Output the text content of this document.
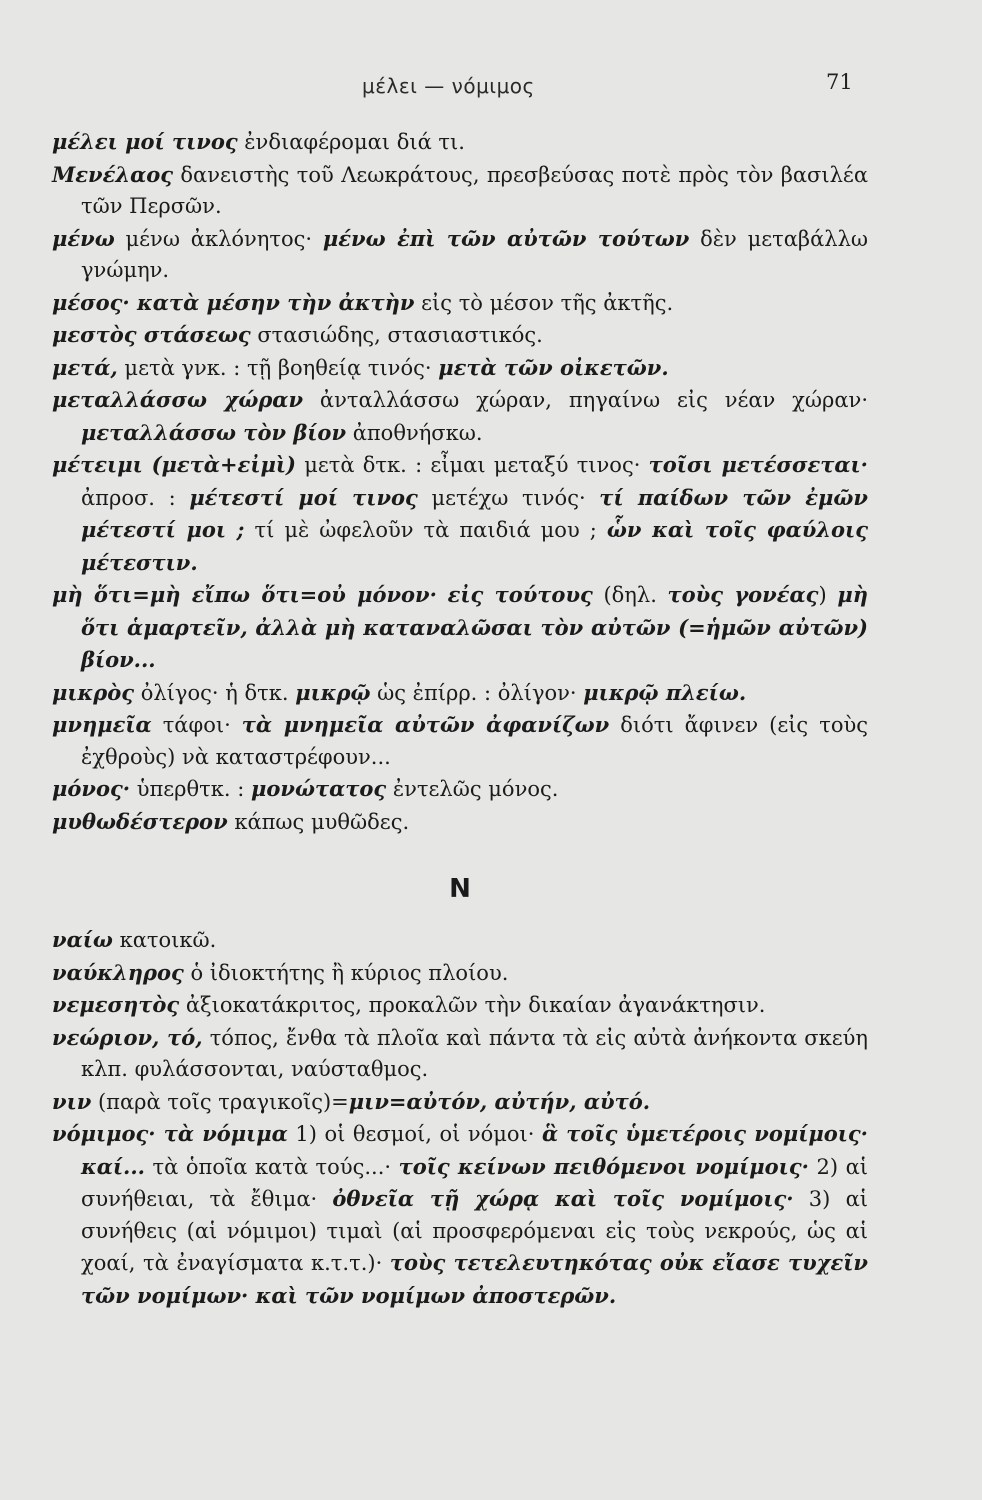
μέλει — νόμιμος	71

μέλει μοί τινος ἐνδιαφέρομαι διά τι.

Μενέλαος δανειστὴς τοῦ Λεωκράτους, πρεσβεύσας ποτὲ πρὸς τὸν βασιλέα τῶν Περσῶν.

μένω μένω ἀκλόνητος· μένω ἐπὶ τῶν αὐτῶν τούτων δὲν μεταβάλλω γνώμην.

μέσος· κατὰ μέσην τὴν ἀκτὴν εἰς τὸ μέσον τῆς ἀκτῆς.

μεστὸς στάσεως στασιώδης, στασιαστικός.

μετά, μετὰ γνκ. : τῇ βοηθείᾳ τινός· μετὰ τῶν οἰκετῶν.

μεταλλάσσω χώραν ἀνταλλάσσω χώραν, πηγαίνω εἰς νέαν χώραν· μεταλλάσσω τὸν βίον ἀποθνήσκω.

μέτειμι (μετὰ+εἰμὶ) μετὰ δτκ. : εἶμαι μεταξύ τινος· τοῖσι μετέσσεται· ἀπροσ. : μέτεστί μοί τινος μετέχω τινός· τί παίδων τῶν ἐμῶν μέτεστί μοι ; τί μὲ ὠφελοῦν τὰ παιδιά μου ; ὧν καὶ τοῖς φαύλοις μέτεστιν.

μὴ ὅτι=μὴ εἴπω ὅτι=οὐ μόνον· εἰς τούτους (δηλ. τοὺς γονέας) μὴ ὅτι ἁμαρτεῖν, ἀλλὰ μὴ καταναλῶσαι τὸν αὐτῶν (=ἡμῶν αὐτῶν) βίον...

μικρὸς ὀλίγος· ἡ δτκ. μικρῷ ὡς ἐπίρρ. : ὀλίγον· μικρῷ πλείω.

μνημεῖα τάφοι· τὰ μνημεῖα αὐτῶν ἀφανίζων διότι ἄφινεν (εἰς τοὺς ἐχθροὺς) νὰ καταστρέφουν...

μόνος· ὑπερθτκ. : μονώτατος ἐντελῶς μόνος.

μυθωδέστερον κάπως μυθῶδες.

Ν

ναίω κατοικῶ.

ναύκληρος ὁ ἰδιοκτήτης ἢ κύριος πλοίου.

νεμεσητὸς ἀξιοκατάκριτος, προκαλῶν τὴν δικαίαν ἀγανάκτησιν.

νεώριον, τό, τόπος, ἔνθα τὰ πλοῖα καὶ πάντα τὰ εἰς αὐτὰ ἀνήκοντα σκεύη κλπ. φυλάσσονται, ναύσταθμος.

νιν (παρὰ τοῖς τραγικοῖς)=μιν=αὐτόν, αὐτήν, αὐτό.

νόμιμος· τὰ νόμιμα 1) οἱ θεσμοί, οἱ νόμοι· ἃ τοῖς ὑμετέροις νομίμοις· καί... τὰ ὁποῖα κατὰ τούς...· τοῖς κείνων πειθόμενοι νομίμοις· 2) αἱ συνήθειαι, τὰ ἔθιμα· ὀθνεῖα τῇ χώρᾳ καὶ τοῖς νομίμοις· 3) αἱ συνήθεις (αἱ νόμιμοι) τιμαὶ (αἱ προσφερόμεναι εἰς τοὺς νεκρούς, ὡς αἱ χοαί, τὰ ἐναγίσματα κ.τ.τ.)· τοὺς τετελευτηκότας οὐκ εἴασε τυχεῖν τῶν νομίμων· καὶ τῶν νομίμων ἀποστερῶν.
